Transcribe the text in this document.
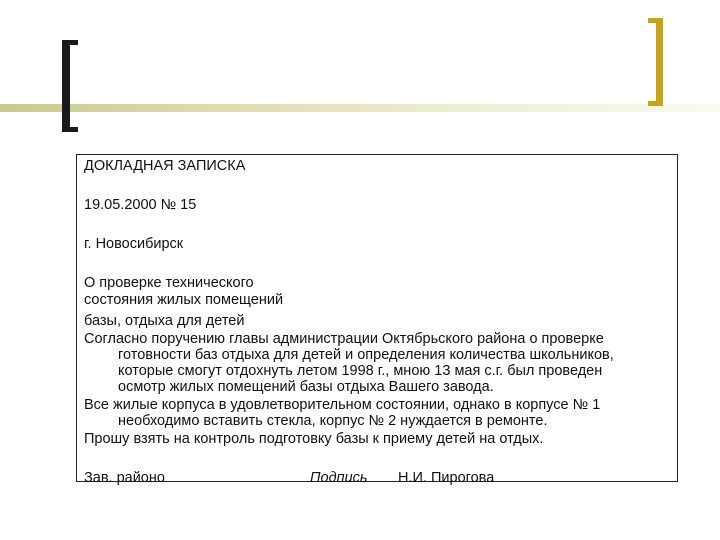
ДОКЛАДНАЯ ЗАПИСКА
19.05.2000 № 15
г. Новосибирск
О проверке технического
состояния жилых помещений
базы, отдыха для детей
Согласно поручению главы администрации Октябрьского района о проверке
готовности баз отдыха для детей и определения количества школьников,
которые смогут отдохнуть летом 1998 г., мною 13 мая с.г. был проведен
осмотр жилых помещений базы отдыха Вашего завода.
Все жилые корпуса в удовлетворительном состоянии, однако в корпусе № 1
необходимо вставить стекла, корпус № 2 нуждается в ремонте.
Прошу взять на контроль подготовку базы к приему детей на отдых.
Зав. районо	Подпись Н.И. Пирогова
